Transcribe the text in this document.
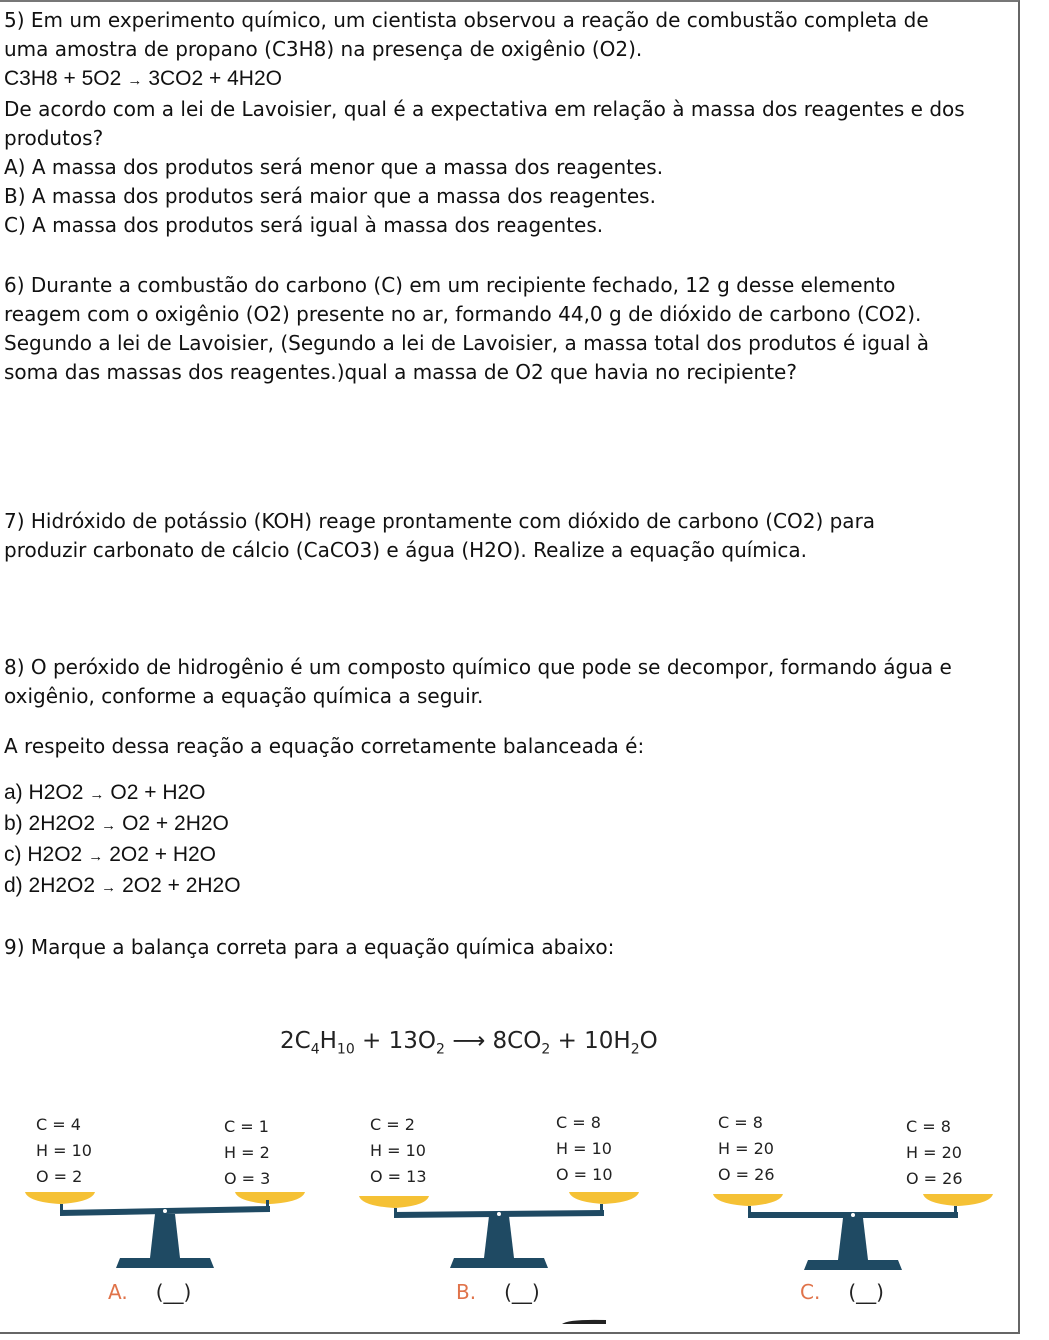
5) Em um experimento químico, um cientista observou a reação de combustão completa de

uma amostra de propano (C3H8) na presença de oxigênio (O2).

C3H8 + 5O2 → 3CO2 + 4H2O

De acordo com a lei de Lavoisier, qual é a expectativa em relação à massa dos reagentes e dos

produtos?

A) A massa dos produtos será menor que a massa dos reagentes.

B) A massa dos produtos será maior que a massa dos reagentes.

C) A massa dos produtos será igual à massa dos reagentes.

6) Durante a combustão do carbono (C) em um recipiente fechado, 12 g desse elemento

reagem com o oxigênio (O2) presente no ar, formando 44,0 g de dióxido de carbono (CO2).

Segundo a lei de Lavoisier, (Segundo a lei de Lavoisier, a massa total dos produtos é igual à

soma das massas dos reagentes.)qual a massa de O2 que havia no recipiente?

7) Hidróxido de potássio (KOH) reage prontamente com dióxido de carbono (CO2) para

produzir carbonato de cálcio (CaCO3) e água (H2O). Realize a equação química.

8) O peróxido de hidrogênio é um composto químico que pode se decompor, formando água e

oxigênio, conforme a equação química a seguir.

A respeito dessa reação a equação corretamente balanceada é:

a) H2O2 → O2 + H2O

b) 2H2O2 → O2 + 2H2O

c) H2O2 → 2O2 + H2O

d) 2H2O2 → 2O2 + 2H2O

9) Marque a balança correta para a equação química abaixo:

$2C_4H_{10} + 13O_2$ ⟶ $8CO_2 + 10H_2O$
C = 4
H = 10
O = 2
C = 1
H = 2
O = 3
A. (__)
C = 2
H = 10
O = 13
C = 8
H = 10
O = 10
B. (__)
C = 8
H = 20
O = 26
C = 8
H = 20
O = 26
C. (__)
